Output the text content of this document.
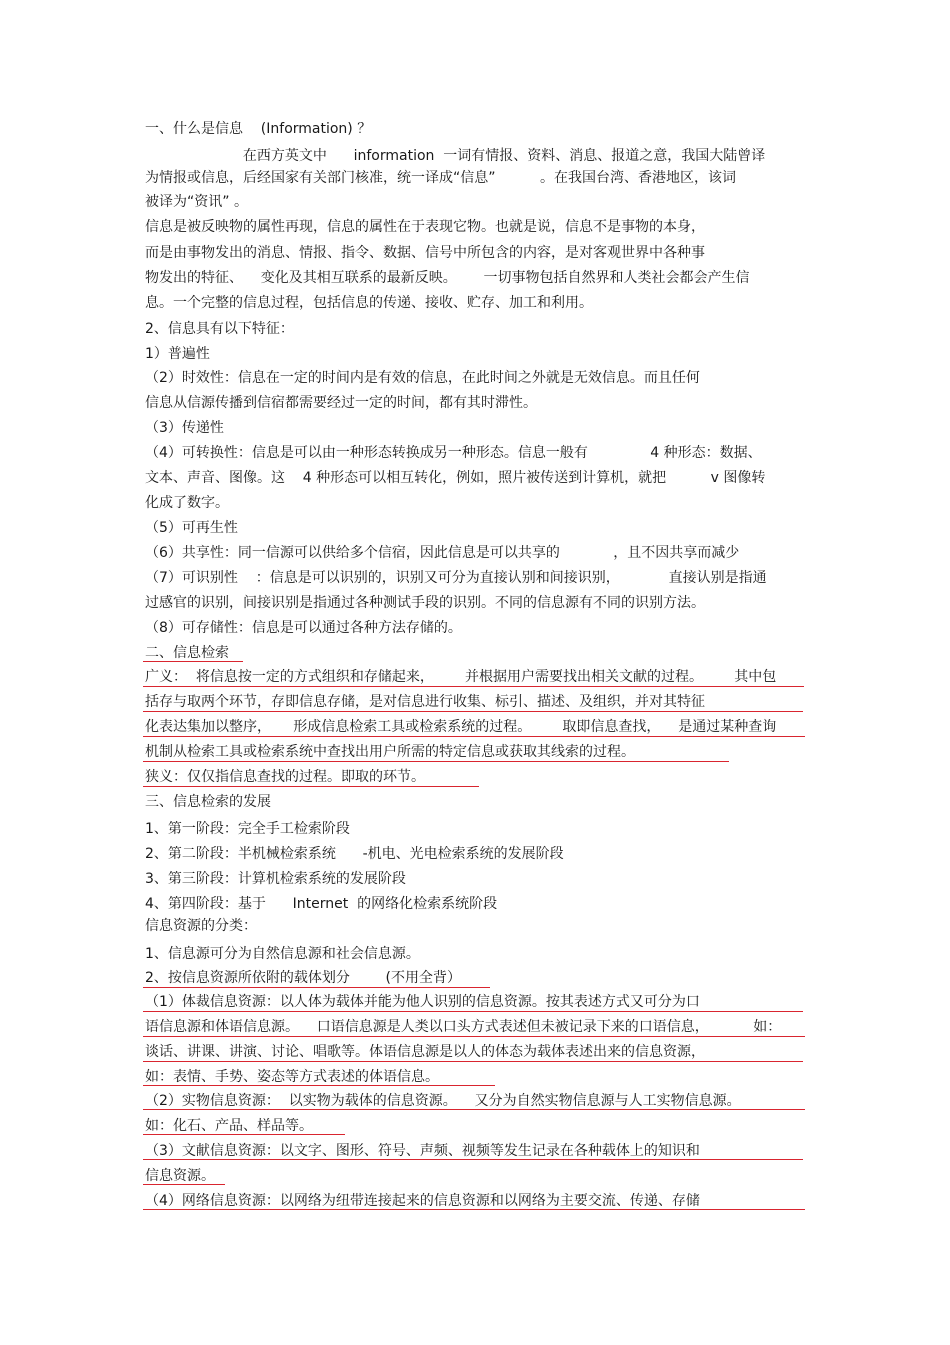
一、什么是信息    (Information) ？
在西方英文中      information  一词有情报、资料、消息、报道之意，我国大陆曾译
为情报或信息，后经国家有关部门核准，统一译成“信息”          。在我国台湾、香港地区，该词
被译为“资讯” 。
信息是被反映物的属性再现，信息的属性在于表现它物。也就是说，信息不是事物的本身，
而是由事物发出的消息、情报、指令、数据、信号中所包含的内容，是对客观世界中各种事
物发出的特征、    变化及其相互联系的最新反映。      一切事物包括自然界和人类社会都会产生信
息。一个完整的信息过程，包括信息的传递、接收、贮存、加工和利用。
2、信息具有以下特征：
1）普遍性
（2）时效性：信息在一定的时间内是有效的信息，在此时间之外就是无效信息。而且任何
信息从信源传播到信宿都需要经过一定的时间，都有其时滞性。
（3）传递性
（4）可转换性：信息是可以由一种形态转换成另一种形态。信息一般有              4 种形态：数据、
文本、声音、图像。这    4 种形态可以相互转化，例如，照片被传送到计算机，就把          v 图像转
化成了数字。
（5）可再生性
（6）共享性：同一信源可以供给多个信宿，因此信息是可以共享的            ，且不因共享而减少
（7）可识别性    ：信息是可以识别的，识别又可分为直接认别和间接识别，           直接认别是指通
过感官的识别，间接识别是指通过各种测试手段的识别。不同的信息源有不同的识别方法。
（8）可存储性：信息是可以通过各种方法存储的。
二、信息检索
广义：  将信息按一定的方式组织和存储起来，       并根据用户需要找出相关文献的过程。       其中包
括存与取两个环节，存即信息存储，是对信息进行收集、标引、描述、及组织，并对其特征
化表达集加以整序，     形成信息检索工具或检索系统的过程。       取即信息查找，    是通过某种查询
机制从检索工具或检索系统中查找出用户所需的特定信息或获取其线索的过程。
狭义：仅仅指信息查找的过程。即取的环节。
三、信息检索的发展
1、第一阶段：完全手工检索阶段
2、第二阶段：半机械检索系统      -机电、光电检索系统的发展阶段
3、第三阶段：计算机检索系统的发展阶段
4、第四阶段：基于      Internet  的网络化检索系统阶段
信息资源的分类：
1、信息源可分为自然信息源和社会信息源。
2、按信息资源所依附的载体划分        (不用全背）
（1）体裁信息资源：以人体为载体并能为他人识别的信息资源。按其表述方式又可分为口
语信息源和体语信息源。    口语信息源是人类以口头方式表述但未被记录下来的口语信息，          如：
谈话、讲课、讲演、讨论、唱歌等。体语信息源是以人的体态为载体表述出来的信息资源，
如：表情、手势、姿态等方式表述的体语信息。
（2）实物信息资源：  以实物为载体的信息资源。    又分为自然实物信息源与人工实物信息源。
如：化石、产品、样品等。
（3）文献信息资源：以文字、图形、符号、声频、视频等发生记录在各种载体上的知识和
信息资源。
（4）网络信息资源：以网络为纽带连接起来的信息资源和以网络为主要交流、传递、存储
